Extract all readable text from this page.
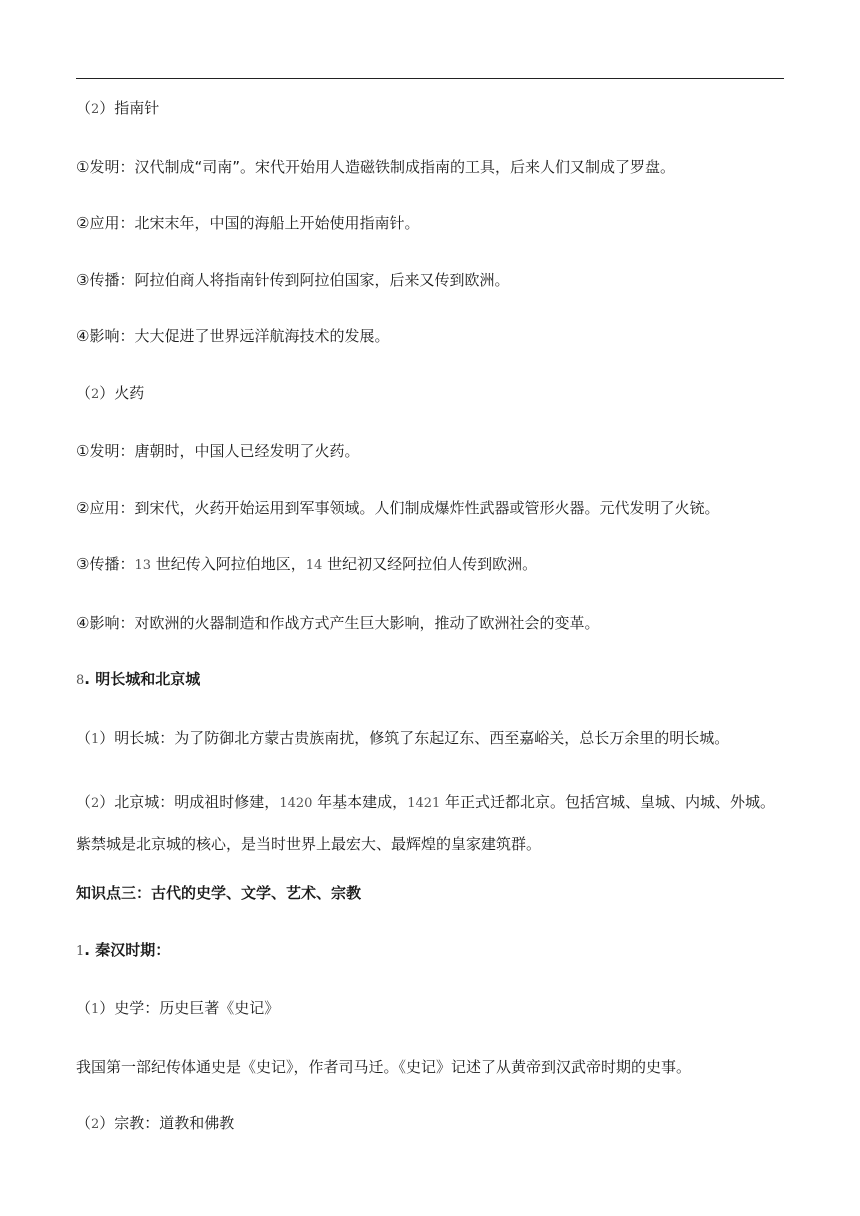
（2）指南针

①发明：汉代制成“司南”。宋代开始用人造磁铁制成指南的工具，后来人们又制成了罗盘。

②应用：北宋末年，中国的海船上开始使用指南针。

③传播：阿拉伯商人将指南针传到阿拉伯国家，后来又传到欧洲。

④影响：大大促进了世界远洋航海技术的发展。

（2）火药

①发明：唐朝时，中国人已经发明了火药。

②应用：到宋代，火药开始运用到军事领域。人们制成爆炸性武器或管形火器。元代发明了火铳。

③传播：13 世纪传入阿拉伯地区，14 世纪初又经阿拉伯人传到欧洲。

④影响：对欧洲的火器制造和作战方式产生巨大影响，推动了欧洲社会的变革。

8. 明长城和北京城

（1）明长城：为了防御北方蒙古贵族南扰，修筑了东起辽东、西至嘉峪关，总长万余里的明长城。

（2）北京城：明成祖时修建，1420 年基本建成，1421 年正式迁都北京。包括宫城、皇城、内城、外城。紫禁城是北京城的核心，是当时世界上最宏大、最辉煌的皇家建筑群。

知识点三：古代的史学、文学、艺术、宗教

1. 秦汉时期：

（1）史学：历史巨著《史记》

我国第一部纪传体通史是《史记》，作者司马迁。《史记》记述了从黄帝到汉武帝时期的史事。

（2）宗教：道教和佛教
